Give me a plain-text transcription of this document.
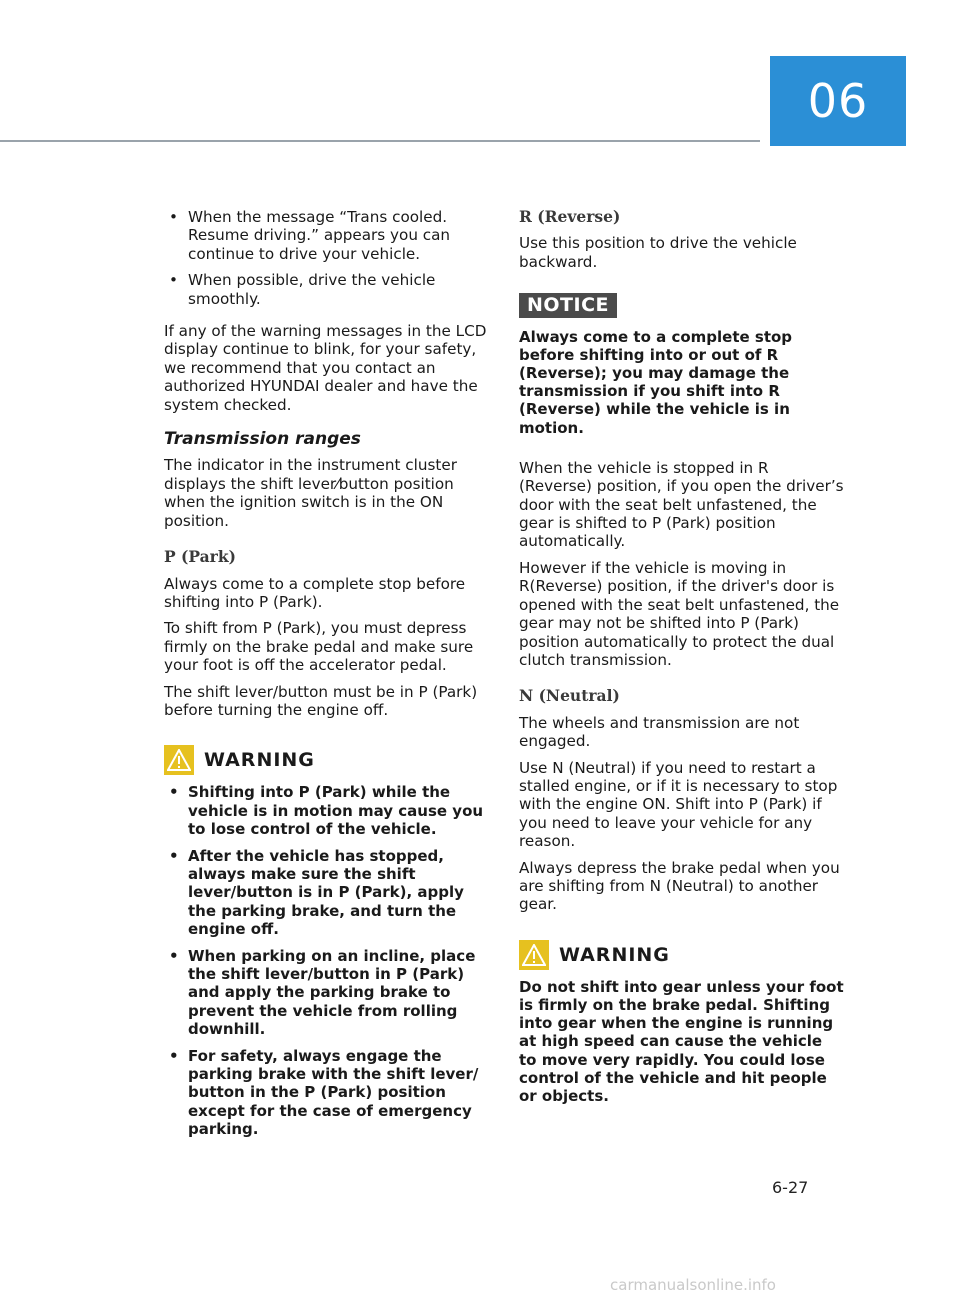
06
• When the message “Trans cooled. Resume driving.” appears you can continue to drive your vehicle.
• When possible, drive the vehicle smoothly.

If any of the warning messages in the LCD display continue to blink, for your safety, we recommend that you contact an authorized HYUNDAI dealer and have the system checked.

Transmission ranges

The indicator in the instrument cluster displays the shift lever⁄button position when the ignition switch is in the ON position.

P (Park)

Always come to a complete stop before shifting into P (Park).

To shift from P (Park), you must depress firmly on the brake pedal and make sure your foot is off the accelerator pedal.

The shift lever/button must be in P (Park) before turning the engine off.

WARNING
• Shifting into P (Park) while the vehicle is in motion may cause you to lose control of the vehicle.
• After the vehicle has stopped, always make sure the shift lever/button is in P (Park), apply the parking brake, and turn the engine off.
• When parking on an incline, place the shift lever/button in P (Park) and apply the parking brake to prevent the vehicle from rolling downhill.
• For safety, always engage the parking brake with the shift lever/ button in the P (Park) position except for the case of emergency parking.
R (Reverse)

Use this position to drive the vehicle backward.

NOTICE

Always come to a complete stop before shifting into or out of R (Reverse); you may damage the transmission if you shift into R (Reverse) while the vehicle is in motion.

When the vehicle is stopped in R (Reverse) position, if you open the driver’s door with the seat belt unfastened, the gear is shifted to P (Park) position automatically.

However if the vehicle is moving in R(Reverse) position, if the driver's door is opened with the seat belt unfastened, the gear may not be shifted into P (Park) position automatically to protect the dual clutch transmission.

N (Neutral)

The wheels and transmission are not engaged.

Use N (Neutral) if you need to restart a stalled engine, or if it is necessary to stop with the engine ON. Shift into P (Park) if you need to leave your vehicle for any reason.

Always depress the brake pedal when you are shifting from N (Neutral) to another gear.

WARNING

Do not shift into gear unless your foot is firmly on the brake pedal. Shifting into gear when the engine is running at high speed can cause the vehicle to move very rapidly. You could lose control of the vehicle and hit people or objects.

6-27
carmanualsonline.info
